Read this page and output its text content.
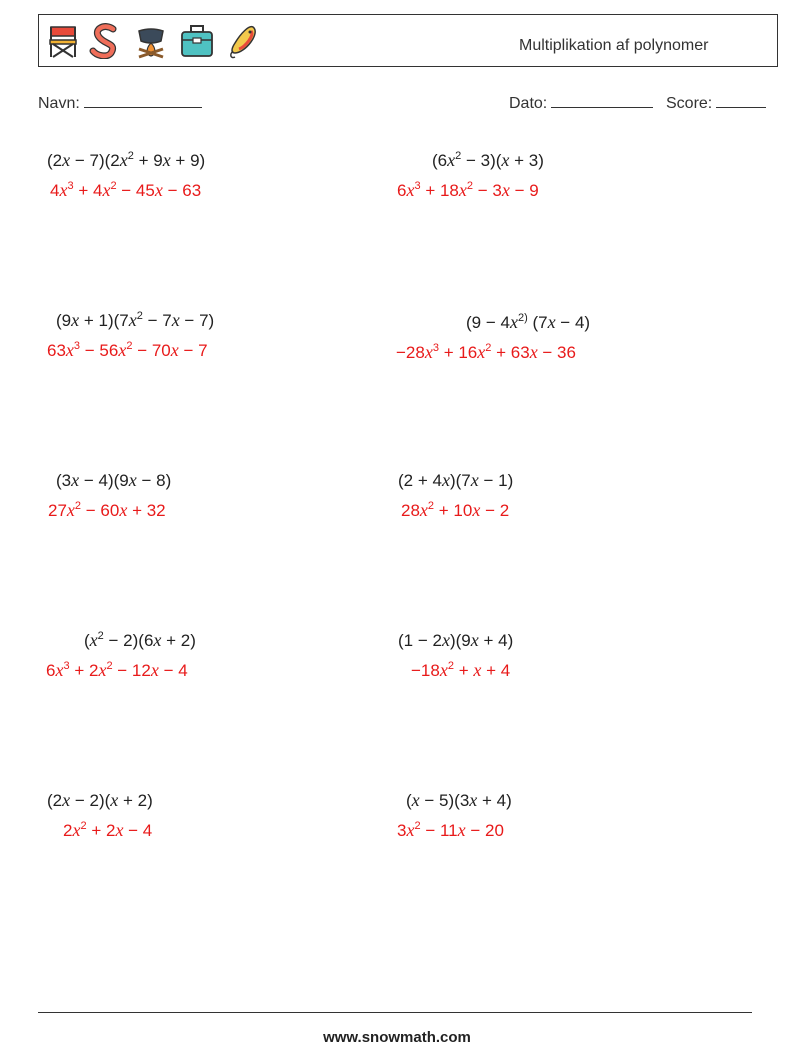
Multiplikation af polynomer
Navn:	Dato:	Score:
$(2x - 7)(2x^2 + 9x + 9)$
$4x^3 + 4x^2 - 45x - 63$
$(6x^2 - 3)(x + 3)$
$6x^3 + 18x^2 - 3x - 9$
$(9x + 1)(7x^2 - 7x - 7)$
$63x^3 - 56x^2 - 70x - 7$
($9 - 4x^{2)}$ (7x − 4)
$-28x^3 + 16x^2 + 63x - 36$
(3x − 4)(9x − 8)
$27x^2 - 60x + 32$
(2 + 4x)(7x − 1)
$28x^2 + 10x - 2$
$(x^2 - 2)(6x + 2)$
$6x^3 + 2x^2 - 12x - 4$
(1 − 2x)(9x + 4)
$-18x^2 + x + 4$
(2x − 2)(x + 2)
$2x^2 + 2x - 4$
(x − 5)(3x + 4)
$3x^2 - 11x - 20$
www.snowmath.com
